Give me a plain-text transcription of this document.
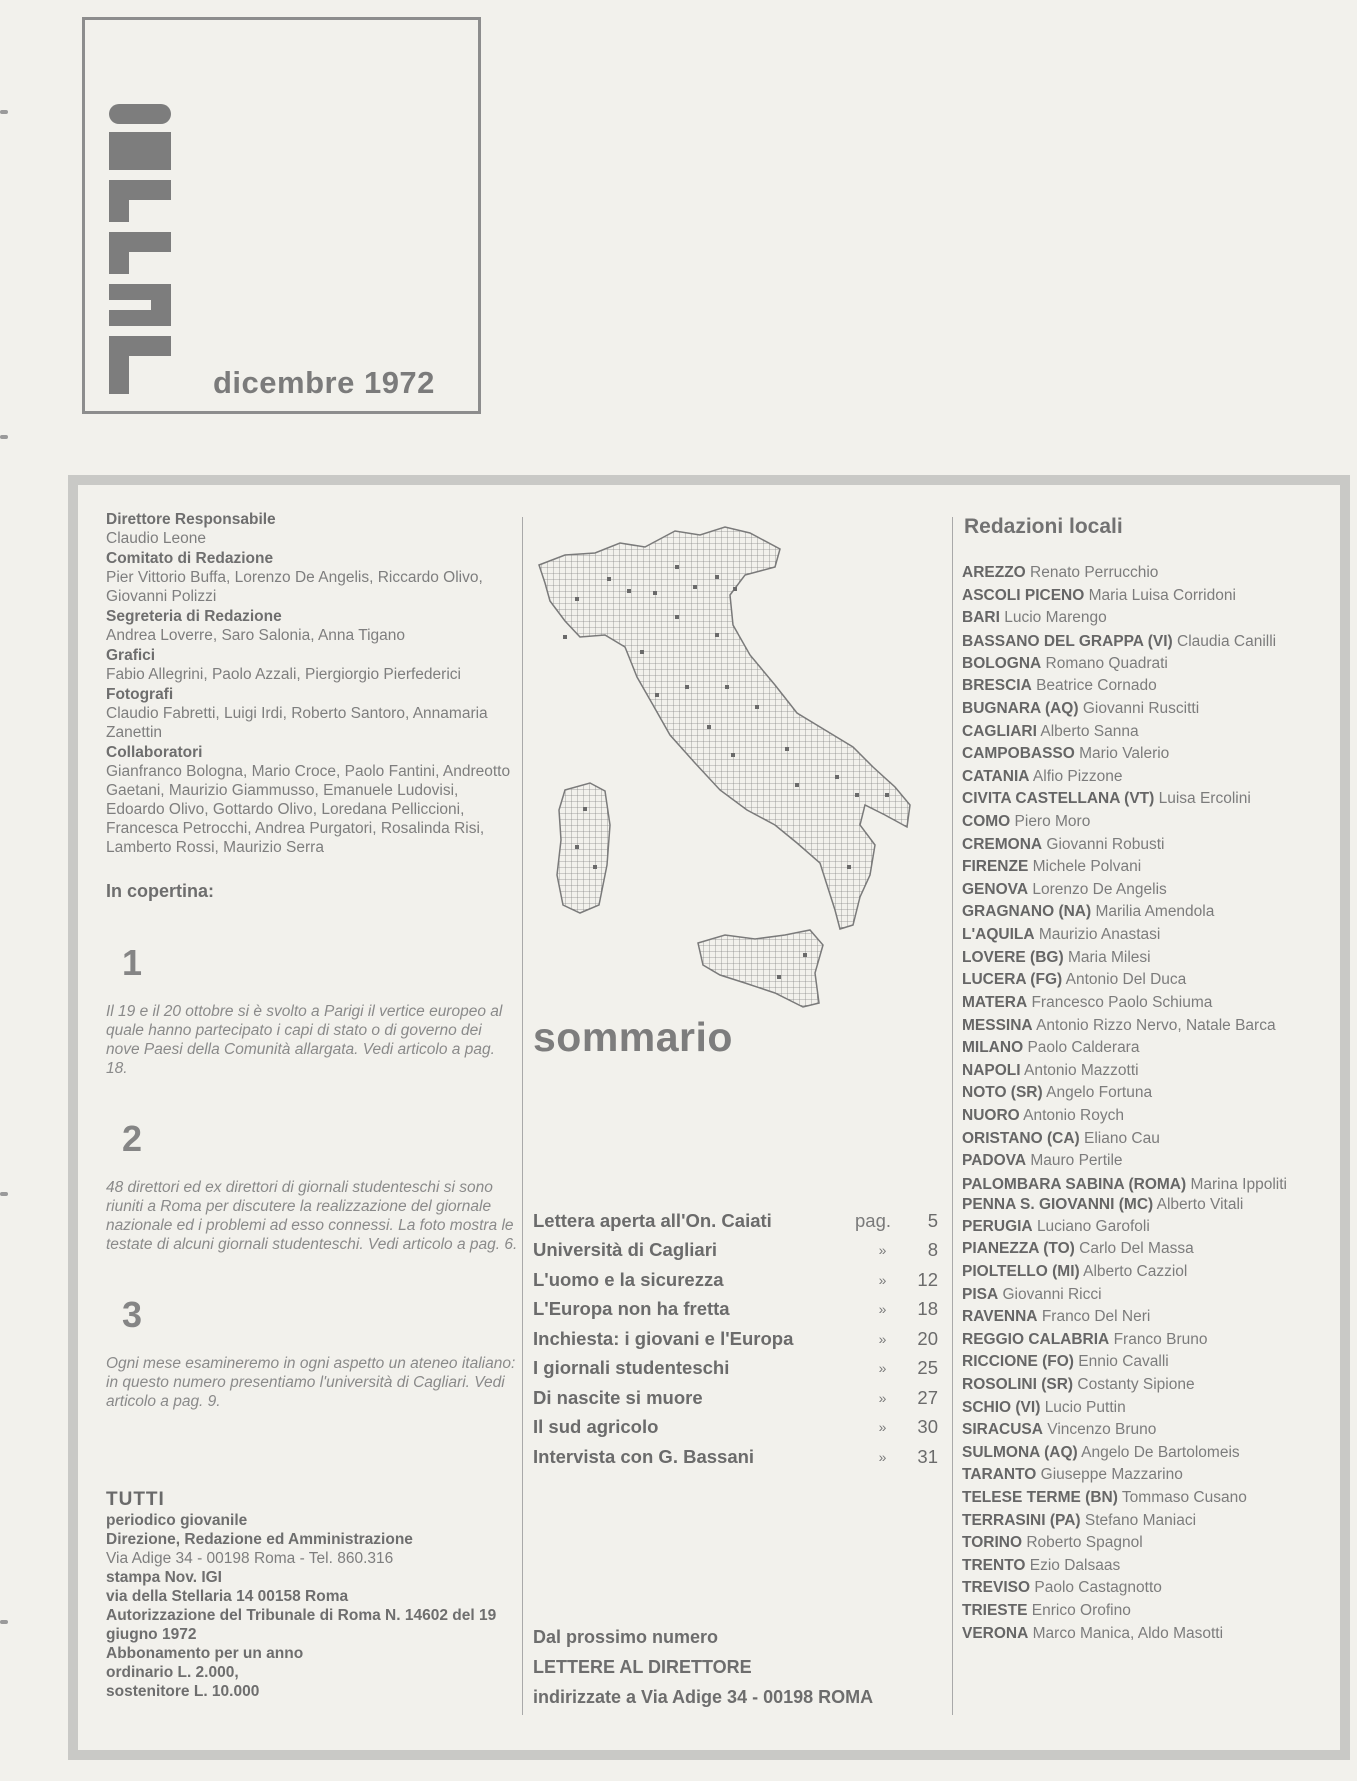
dicembre 1972
Direttore Responsabile
Claudio Leone
Comitato di Redazione
Pier Vittorio Buffa, Lorenzo De Angelis, Riccardo Olivo, Giovanni Polizzi
Segreteria di Redazione
Andrea Loverre, Saro Salonia, Anna Tigano
Grafici
Fabio Allegrini, Paolo Azzali, Piergiorgio Pierfederici
Fotografi
Claudio Fabretti, Luigi Irdi, Roberto Santoro, Annamaria Zanettin
Collaboratori
Gianfranco Bologna, Mario Croce, Paolo Fantini, Andreotto Gaetani, Maurizio Giammusso, Emanuele Ludovisi, Edoardo Olivo, Gottardo Olivo, Loredana Pelliccioni, Francesca Petrocchi, Andrea Purgatori, Rosalinda Risi, Lamberto Rossi, Maurizio Serra
In copertina:
1
Il 19 e il 20 ottobre si è svolto a Parigi il vertice europeo al quale hanno partecipato i capi di stato o di governo dei nove Paesi della Comunità allargata. Vedi articolo a pag. 18.
2
48 direttori ed ex direttori di giornali studenteschi si sono riuniti a Roma per discutere la realizzazione del giornale nazionale ed i problemi ad esso connessi. La foto mostra le testate di alcuni giornali studenteschi. Vedi articolo a pag. 6.
3
Ogni mese esamineremo in ogni aspetto un ateneo italiano: in questo numero presentiamo l'università di Cagliari. Vedi articolo a pag. 9.
TUTTI
periodico giovanile
Direzione, Redazione ed Amministrazione
Via Adige 34 - 00198 Roma - Tel. 860.316
stampa Nov. IGI
via della Stellaria 14 00158 Roma
Autorizzazione del Tribunale di Roma N. 14602 del 19 giugno 1972
Abbonamento per un anno
ordinario L. 2.000,
sostenitore L. 10.000
sommario
Lettera aperta all'On. Caiati	pag.	5
Università di Cagliari	»	8
L'uomo e la sicurezza	»	12
L'Europa non ha fretta	»	18
Inchiesta: i giovani e l'Europa	»	20
I giornali studenteschi	»	25
Di nascite si muore	»	27
Il sud agricolo	»	30
Intervista con G. Bassani	»	31
Dal prossimo numero
LETTERE AL DIRETTORE
indirizzate a Via Adige 34 - 00198 ROMA
Redazioni locali
AREZZO Renato Perrucchio
ASCOLI PICENO Maria Luisa Corridoni
BARI Lucio Marengo
BASSANO DEL GRAPPA (VI) Claudia Canilli
BOLOGNA Romano Quadrati
BRESCIA Beatrice Cornado
BUGNARA (AQ) Giovanni Ruscitti
CAGLIARI Alberto Sanna
CAMPOBASSO Mario Valerio
CATANIA Alfio Pizzone
CIVITA CASTELLANA (VT) Luisa Ercolini
COMO Piero Moro
CREMONA Giovanni Robusti
FIRENZE Michele Polvani
GENOVA Lorenzo De Angelis
GRAGNANO (NA) Marilia Amendola
L'AQUILA Maurizio Anastasi
LOVERE (BG) Maria Milesi
LUCERA (FG) Antonio Del Duca
MATERA Francesco Paolo Schiuma
MESSINA Antonio Rizzo Nervo, Natale Barca
MILANO Paolo Calderara
NAPOLI Antonio Mazzotti
NOTO (SR) Angelo Fortuna
NUORO Antonio Roych
ORISTANO (CA) Eliano Cau
PADOVA Mauro Pertile
PALOMBARA SABINA (ROMA) Marina Ippoliti
PENNA S. GIOVANNI (MC) Alberto Vitali
PERUGIA Luciano Garofoli
PIANEZZA (TO) Carlo Del Massa
PIOLTELLO (MI) Alberto Cazziol
PISA Giovanni Ricci
RAVENNA Franco Del Neri
REGGIO CALABRIA Franco Bruno
RICCIONE (FO) Ennio Cavalli
ROSOLINI (SR) Costanty Sipione
SCHIO (VI) Lucio Puttin
SIRACUSA Vincenzo Bruno
SULMONA (AQ) Angelo De Bartolomeis
TARANTO Giuseppe Mazzarino
TELESE TERME (BN) Tommaso Cusano
TERRASINI (PA) Stefano Maniaci
TORINO Roberto Spagnol
TRENTO Ezio Dalsaas
TREVISO Paolo Castagnotto
TRIESTE Enrico Orofino
VERONA Marco Manica, Aldo Masotti
